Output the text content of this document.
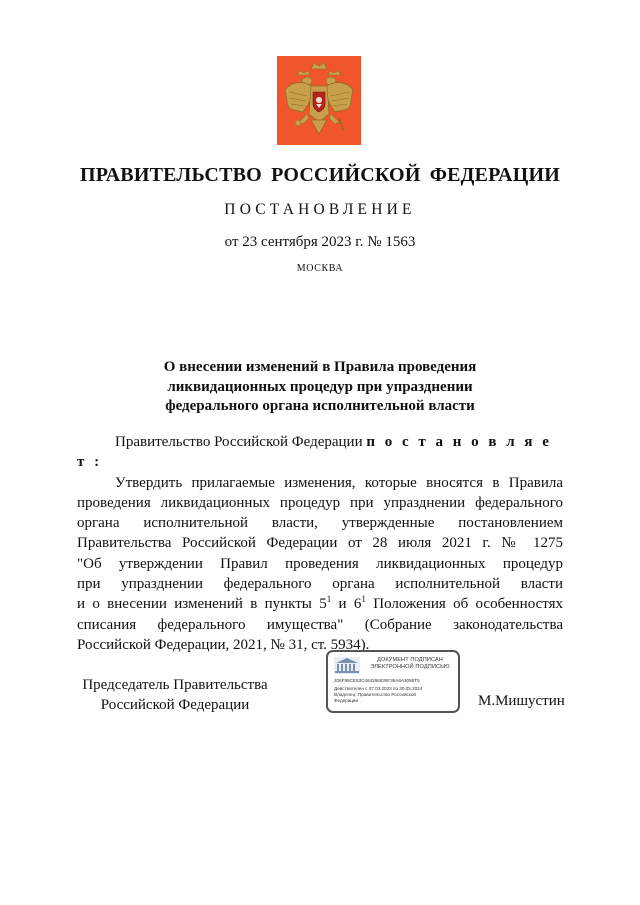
ПРАВИТЕЛЬСТВО РОССИЙСКОЙ ФЕДЕРАЦИИ
ПОСТАНОВЛЕНИЕ
от 23 сентября 2023 г. № 1563
МОСКВА
О внесении изменений в Правила проведения
ликвидационных процедур при упразднении
федерального органа исполнительной власти

Правительство Российской Федерации п о с т а н о в л я е т :

Утвердить прилагаемые изменения, которые вносятся в Правила
проведения ликвидационных процедур при упразднении федерального
органа исполнительной власти, утвержденные постановлением
Правительства Российской Федерации от 28 июля 2021 г. № 1275
"Об утверждении Правил проведения ликвидационных процедур
при упразднении федерального органа исполнительной власти
и о внесении изменений в пункты $5^1$ и $6^1$ Положения об особенностях
списания федерального имущества" (Собрание законодательства
Российской Федерации, 2021, № 31, ст. 5934).
Председатель Правительства
Российской Федерации
ДОКУМЕНТ ПОДПИСАН
ЭЛЕКТРОННОЙ ПОДПИСЬЮ
206F99CE53C464286636F39A8A3086T5
Действителен с 07.03.2023 по 30.05.2024
Владелец: Правительство Российской
Федерации	М.Мишустин
